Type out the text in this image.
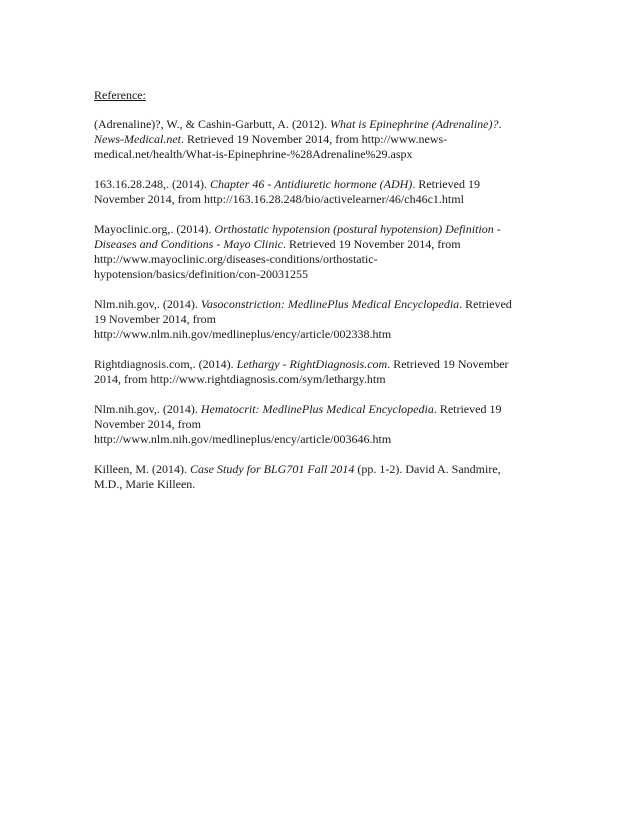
Reference:
(Adrenaline)?, W., & Cashin-Garbutt, A. (2012). What is Epinephrine (Adrenaline)?.
News-Medical.net. Retrieved 19 November 2014, from http://www.news-
medical.net/health/What-is-Epinephrine-%28Adrenaline%29.aspx
163.16.28.248,. (2014). Chapter 46 - Antidiuretic hormone (ADH). Retrieved 19
November 2014, from http://163.16.28.248/bio/activelearner/46/ch46c1.html
Mayoclinic.org,. (2014). Orthostatic hypotension (postural hypotension) Definition -
Diseases and Conditions - Mayo Clinic. Retrieved 19 November 2014, from
http://www.mayoclinic.org/diseases-conditions/orthostatic-
hypotension/basics/definition/con-20031255
Nlm.nih.gov,. (2014). Vasoconstriction: MedlinePlus Medical Encyclopedia. Retrieved
19 November 2014, from
http://www.nlm.nih.gov/medlineplus/ency/article/002338.htm
Rightdiagnosis.com,. (2014). Lethargy - RightDiagnosis.com. Retrieved 19 November
2014, from http://www.rightdiagnosis.com/sym/lethargy.htm
Nlm.nih.gov,. (2014). Hematocrit: MedlinePlus Medical Encyclopedia. Retrieved 19
November 2014, from
http://www.nlm.nih.gov/medlineplus/ency/article/003646.htm
Killeen, M. (2014). Case Study for BLG701 Fall 2014 (pp. 1-2). David A. Sandmire,
M.D., Marie Killeen.
